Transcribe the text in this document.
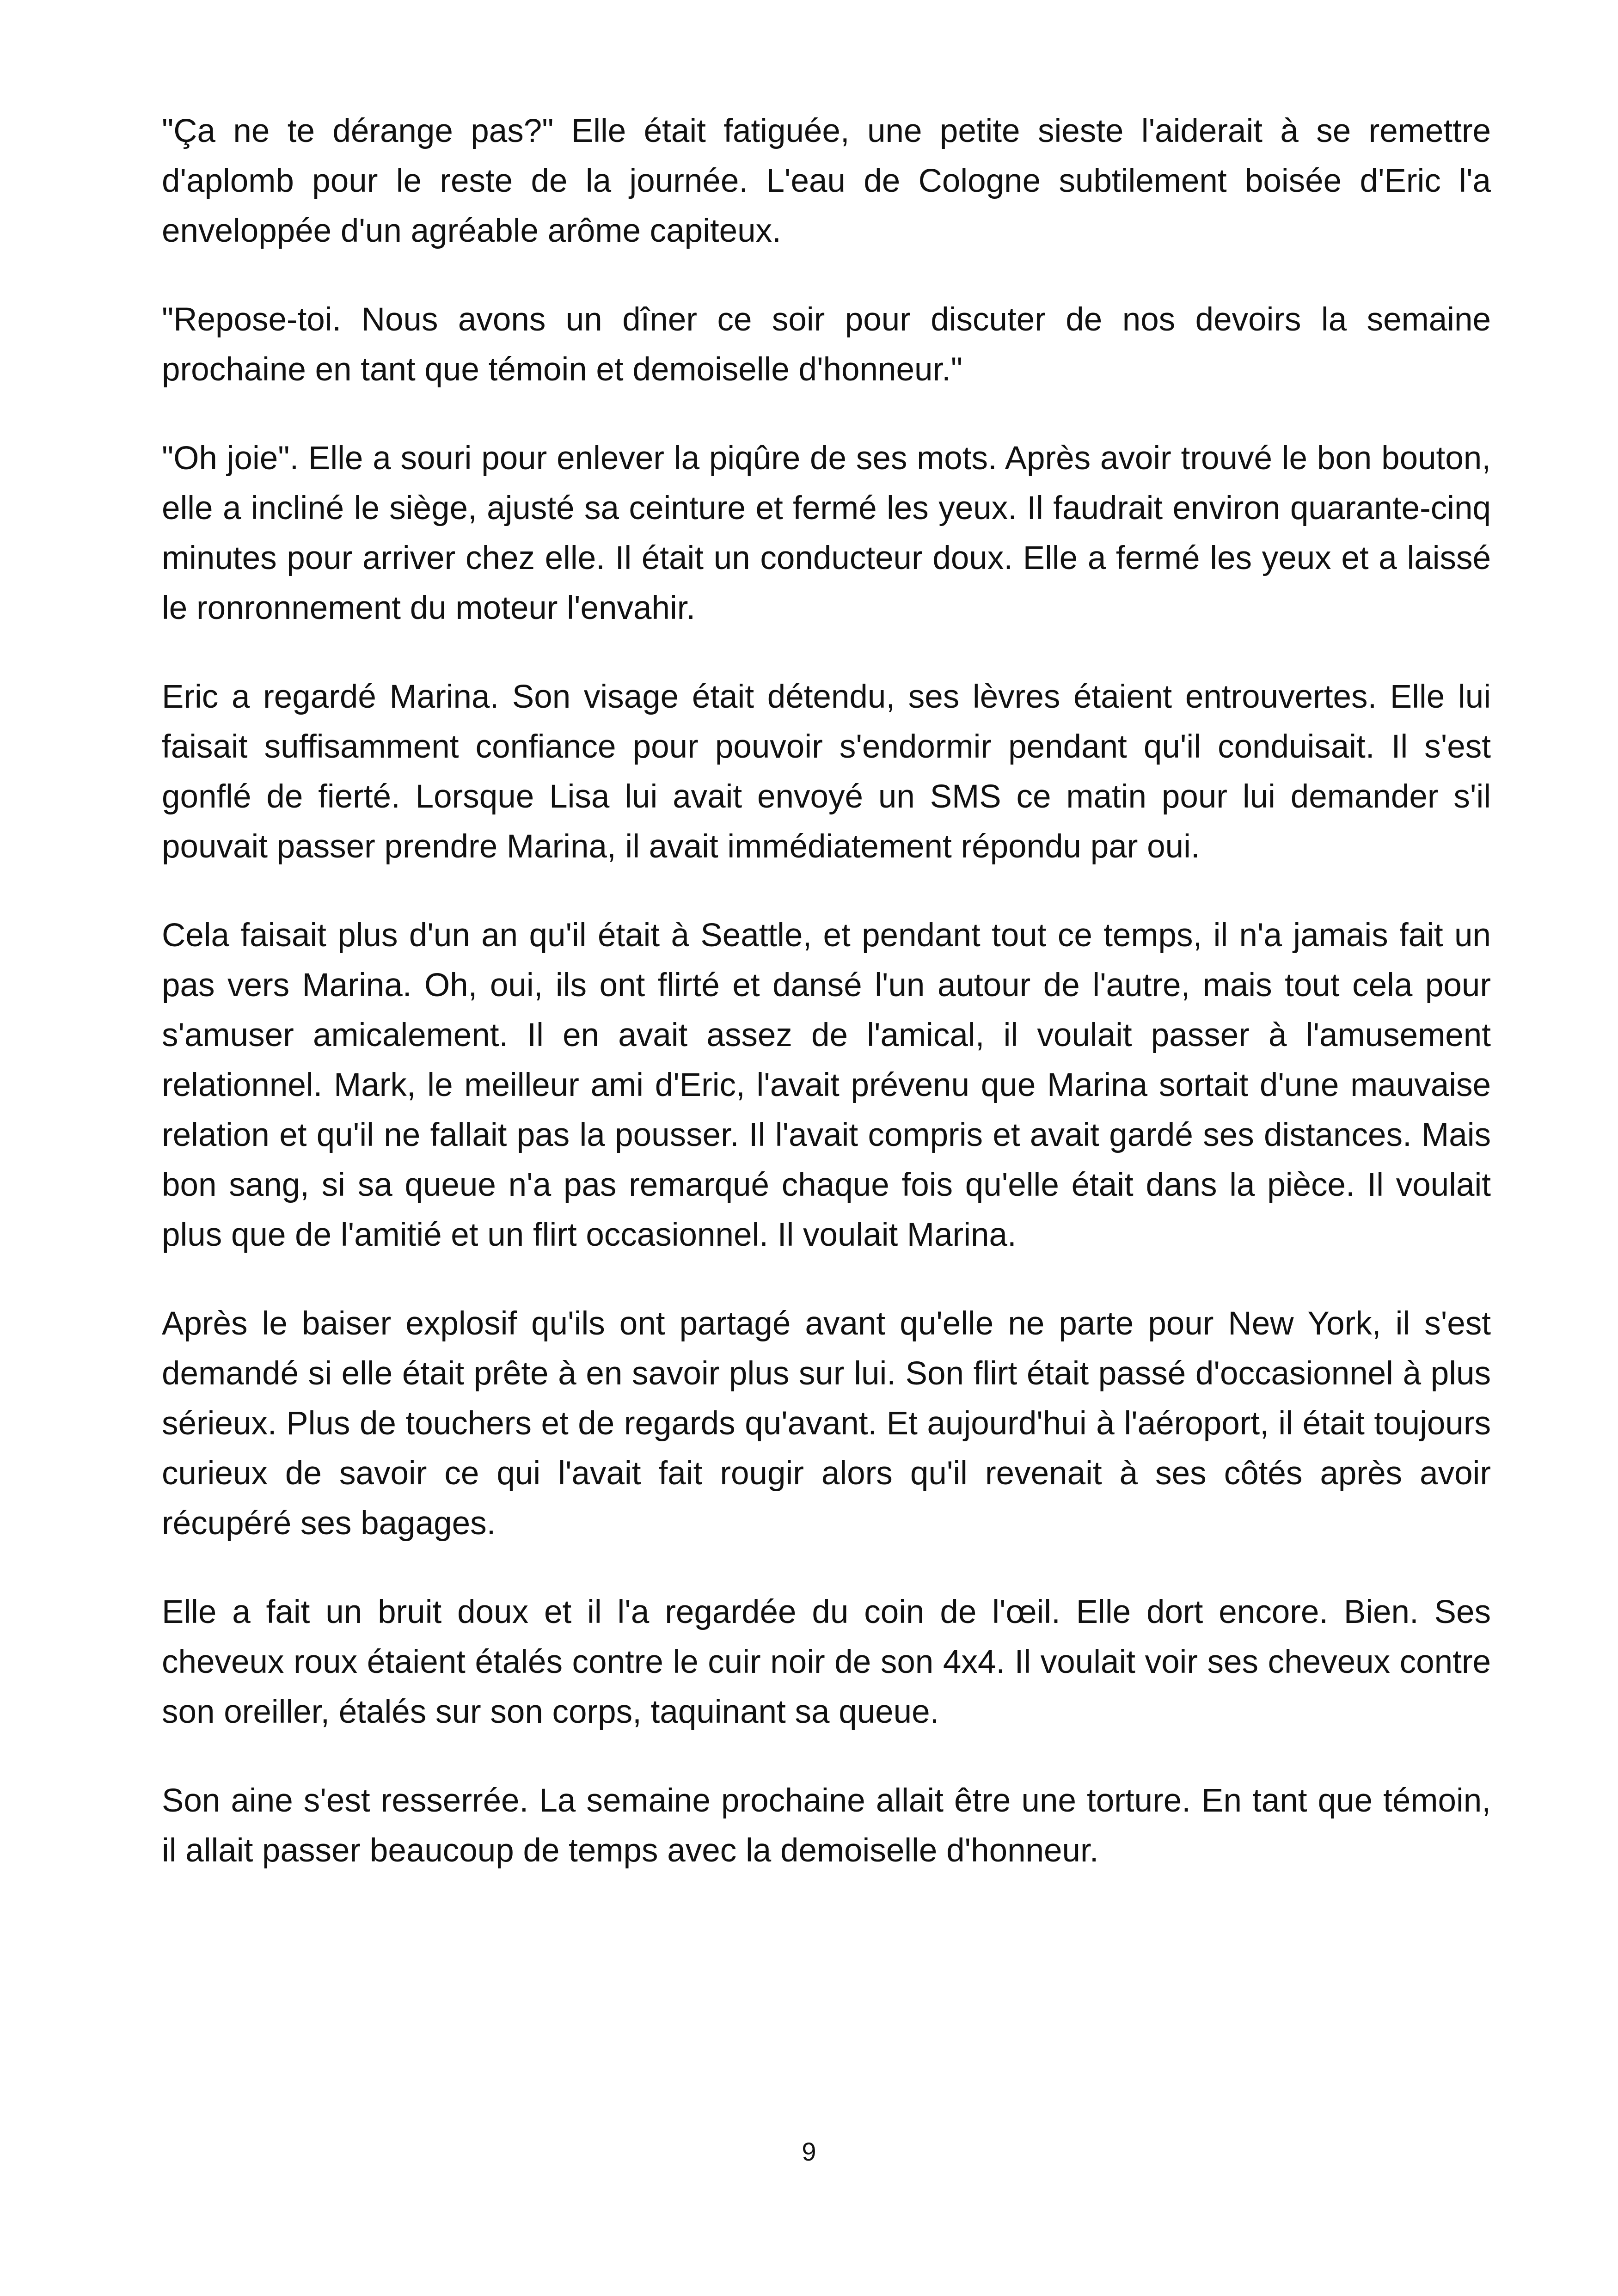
"Ça ne te dérange pas?" Elle était fatiguée, une petite sieste l'aiderait à se remettre d'aplomb pour le reste de la journée. L'eau de Cologne subtilement boisée d'Eric l'a enveloppée d'un agréable arôme capiteux.

"Repose-toi. Nous avons un dîner ce soir pour discuter de nos devoirs la semaine prochaine en tant que témoin et demoiselle d'honneur."

"Oh joie". Elle a souri pour enlever la piqûre de ses mots. Après avoir trouvé le bon bouton, elle a incliné le siège, ajusté sa ceinture et fermé les yeux. Il faudrait environ quarante-cinq minutes pour arriver chez elle. Il était un conducteur doux. Elle a fermé les yeux et a laissé le ronronnement du moteur l'envahir.

Eric a regardé Marina. Son visage était détendu, ses lèvres étaient entrouvertes. Elle lui faisait suffisamment confiance pour pouvoir s'endormir pendant qu'il conduisait. Il s'est gonflé de fierté. Lorsque Lisa lui avait envoyé un SMS ce matin pour lui demander s'il pouvait passer prendre Marina, il avait immédiatement répondu par oui.

Cela faisait plus d'un an qu'il était à Seattle, et pendant tout ce temps, il n'a jamais fait un pas vers Marina. Oh, oui, ils ont flirté et dansé l'un autour de l'autre, mais tout cela pour s'amuser amicalement. Il en avait assez de l'amical, il voulait passer à l'amusement relationnel. Mark, le meilleur ami d'Eric, l'avait prévenu que Marina sortait d'une mauvaise relation et qu'il ne fallait pas la pousser. Il l'avait compris et avait gardé ses distances. Mais bon sang, si sa queue n'a pas remarqué chaque fois qu'elle était dans la pièce. Il voulait plus que de l'amitié et un flirt occasionnel. Il voulait Marina.

Après le baiser explosif qu'ils ont partagé avant qu'elle ne parte pour New York, il s'est demandé si elle était prête à en savoir plus sur lui. Son flirt était passé d'occasionnel à plus sérieux. Plus de touchers et de regards qu'avant. Et aujourd'hui à l'aéroport, il était toujours curieux de savoir ce qui l'avait fait rougir alors qu'il revenait à ses côtés après avoir récupéré ses bagages.

Elle a fait un bruit doux et il l'a regardée du coin de l'œil. Elle dort encore. Bien. Ses cheveux roux étaient étalés contre le cuir noir de son 4x4. Il voulait voir ses cheveux contre son oreiller, étalés sur son corps, taquinant sa queue.

Son aine s'est resserrée. La semaine prochaine allait être une torture. En tant que témoin, il allait passer beaucoup de temps avec la demoiselle d'honneur.

9
